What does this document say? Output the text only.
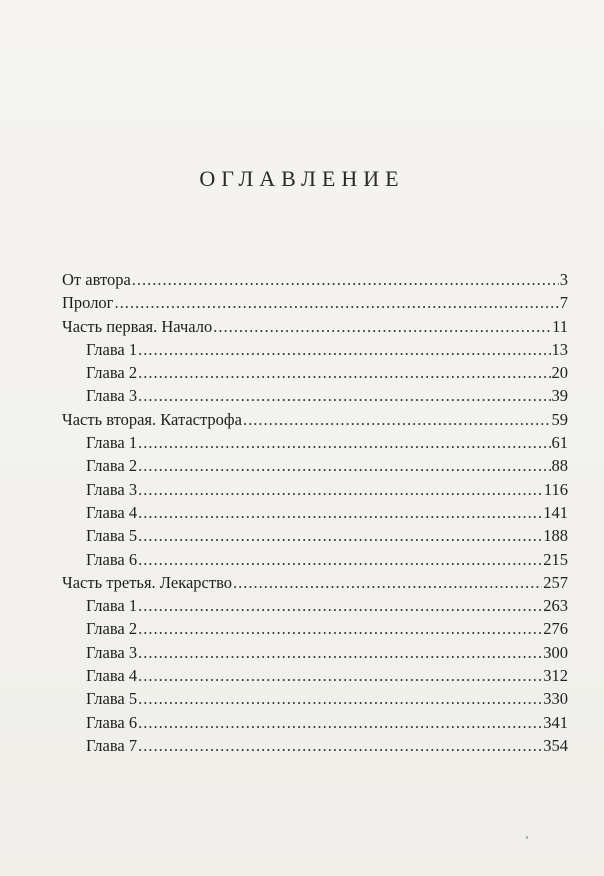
ОГЛАВЛЕНИЕ
От автора .....	3
Пролог .....	7
Часть первая. Начало .....	11
Глава 1 .....	13
Глава 2 .....	20
Глава 3 .....	39
Часть вторая. Катастрофа .....	59
Глава 1 .....	61
Глава 2 .....	88
Глава 3 .....	116
Глава 4 .....	141
Глава 5 .....	188
Глава 6 .....	215
Часть третья. Лекарство .....	257
Глава 1 .....	263
Глава 2 .....	276
Глава 3 .....	300
Глава 4 .....	312
Глава 5 .....	330
Глава 6 .....	341
Глава 7 .....	354
